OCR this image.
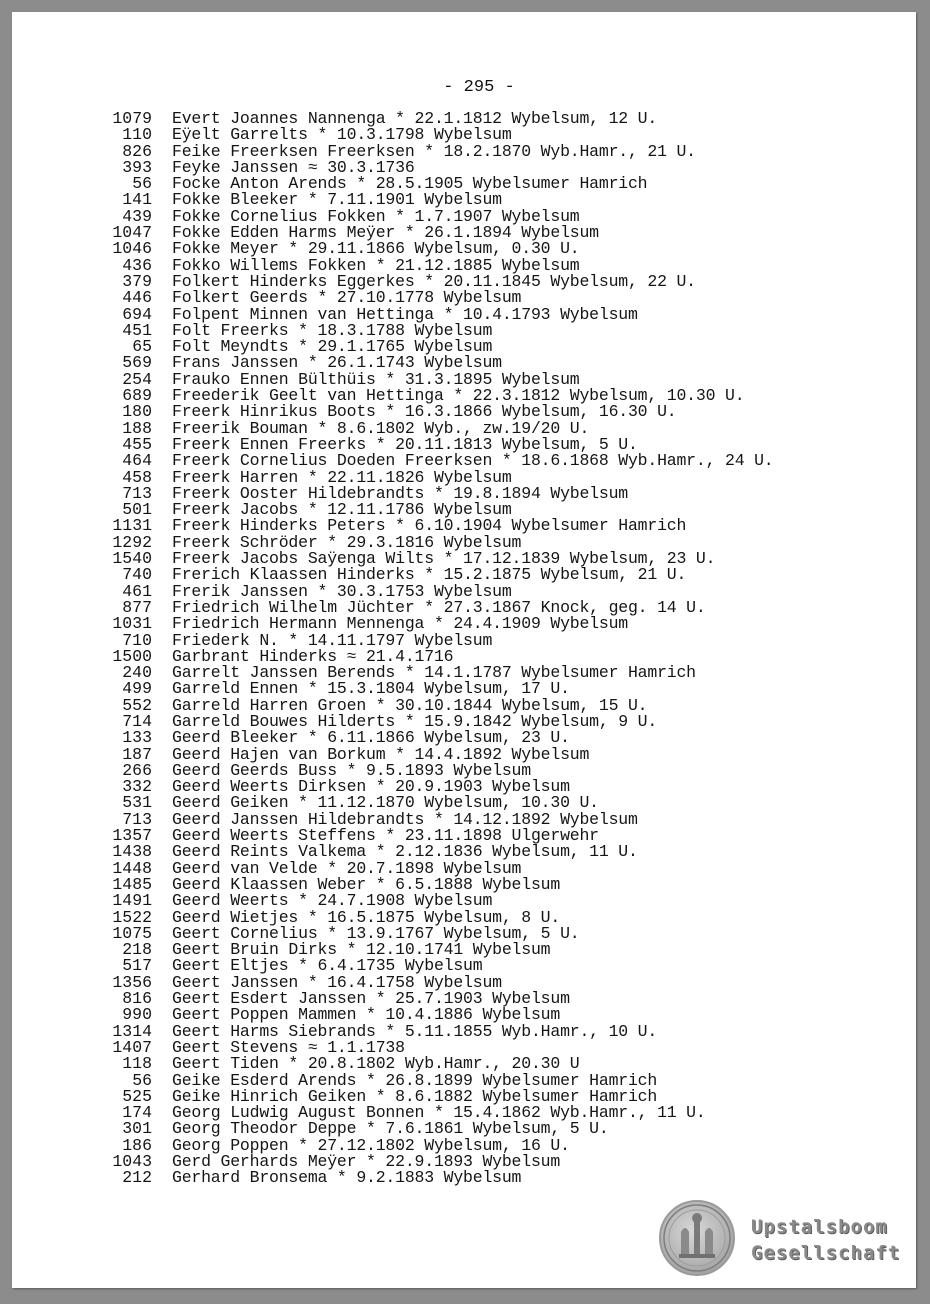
- 295 -
1079 Evert Joannes Nannenga * 22.1.1812 Wybelsum, 12 U.
110 Eÿelt Garrelts * 10.3.1798 Wybelsum
826 Feike Freerksen Freerksen * 18.2.1870 Wyb.Hamr., 21 U.
393 Feyke Janssen ≈ 30.3.1736
56 Focke Anton Arends * 28.5.1905 Wybelsumer Hamrich
141 Fokke Bleeker * 7.11.1901 Wybelsum
439 Fokke Cornelius Fokken * 1.7.1907 Wybelsum
1047 Fokke Edden Harms Meÿer * 26.1.1894 Wybelsum
1046 Fokke Meyer * 29.11.1866 Wybelsum, 0.30 U.
436 Fokko Willems Fokken * 21.12.1885 Wybelsum
379 Folkert Hinderks Eggerkes * 20.11.1845 Wybelsum, 22 U.
446 Folkert Geerds * 27.10.1778 Wybelsum
694 Folpent Minnen van Hettinga * 10.4.1793 Wybelsum
451 Folt Freerks * 18.3.1788 Wybelsum
65 Folt Meyndts * 29.1.1765 Wybelsum
569 Frans Janssen * 26.1.1743 Wybelsum
254 Frauko Ennen Bülthüis * 31.3.1895 Wybelsum
689 Freederik Geelt van Hettinga * 22.3.1812 Wybelsum, 10.30 U.
180 Freerk Hinrikus Boots * 16.3.1866 Wybelsum, 16.30 U.
188 Freerik Bouman * 8.6.1802 Wyb., zw.19/20 U.
455 Freerk Ennen Freerks * 20.11.1813 Wybelsum, 5 U.
464 Freerk Cornelius Doeden Freerksen * 18.6.1868 Wyb.Hamr., 24 U.
458 Freerk Harren * 22.11.1826 Wybelsum
713 Freerk Ooster Hildebrandts * 19.8.1894 Wybelsum
501 Freerk Jacobs * 12.11.1786 Wybelsum
1131 Freerk Hinderks Peters * 6.10.1904 Wybelsumer Hamrich
1292 Freerk Schröder * 29.3.1816 Wybelsum
1540 Freerk Jacobs Saÿenga Wilts * 17.12.1839 Wybelsum, 23 U.
740 Frerich Klaassen Hinderks * 15.2.1875 Wybelsum, 21 U.
461 Frerik Janssen * 30.3.1753 Wybelsum
877 Friedrich Wilhelm Jüchter * 27.3.1867 Knock, geg. 14 U.
1031 Friedrich Hermann Mennenga * 24.4.1909 Wybelsum
710 Friederk N. * 14.11.1797 Wybelsum
1500 Garbrant Hinderks ≈ 21.4.1716
240 Garrelt Janssen Berends * 14.1.1787 Wybelsumer Hamrich
499 Garreld Ennen * 15.3.1804 Wybelsum, 17 U.
552 Garreld Harren Groen * 30.10.1844 Wybelsum, 15 U.
714 Garreld Bouwes Hilderts * 15.9.1842 Wybelsum, 9 U.
133 Geerd Bleeker * 6.11.1866 Wybelsum, 23 U.
187 Geerd Hajen van Borkum * 14.4.1892 Wybelsum
266 Geerd Geerds Buss * 9.5.1893 Wybelsum
332 Geerd Weerts Dirksen * 20.9.1903 Wybelsum
531 Geerd Geiken * 11.12.1870 Wybelsum, 10.30 U.
713 Geerd Janssen Hildebrandts * 14.12.1892 Wybelsum
1357 Geerd Weerts Steffens * 23.11.1898 Ulgerwehr
1438 Geerd Reints Valkema * 2.12.1836 Wybelsum, 11 U.
1448 Geerd van Velde * 20.7.1898 Wybelsum
1485 Geerd Klaassen Weber * 6.5.1888 Wybelsum
1491 Geerd Weerts * 24.7.1908 Wybelsum
1522 Geerd Wietjes * 16.5.1875 Wybelsum, 8 U.
1075 Geert Cornelius * 13.9.1767 Wybelsum, 5 U.
218 Geert Bruin Dirks * 12.10.1741 Wybelsum
517 Geert Eltjes * 6.4.1735 Wybelsum
1356 Geert Janssen * 16.4.1758 Wybelsum
816 Geert Esdert Janssen * 25.7.1903 Wybelsum
990 Geert Poppen Mammen * 10.4.1886 Wybelsum
1314 Geert Harms Siebrands * 5.11.1855 Wyb.Hamr., 10 U.
1407 Geert Stevens ≈ 1.1.1738
118 Geert Tiden * 20.8.1802 Wyb.Hamr., 20.30 U
56 Geike Esderd Arends * 26.8.1899 Wybelsumer Hamrich
525 Geike Hinrich Geiken * 8.6.1882 Wybelsumer Hamrich
174 Georg Ludwig August Bonnen * 15.4.1862 Wyb.Hamr., 11 U.
301 Georg Theodor Deppe * 7.6.1861 Wybelsum, 5 U.
186 Georg Poppen * 27.12.1802 Wybelsum, 16 U.
1043 Gerd Gerhards Meÿer * 22.9.1893 Wybelsum
212 Gerhard Bronsema * 9.2.1883 Wybelsum
Upstalsboom
Gesellschaft
